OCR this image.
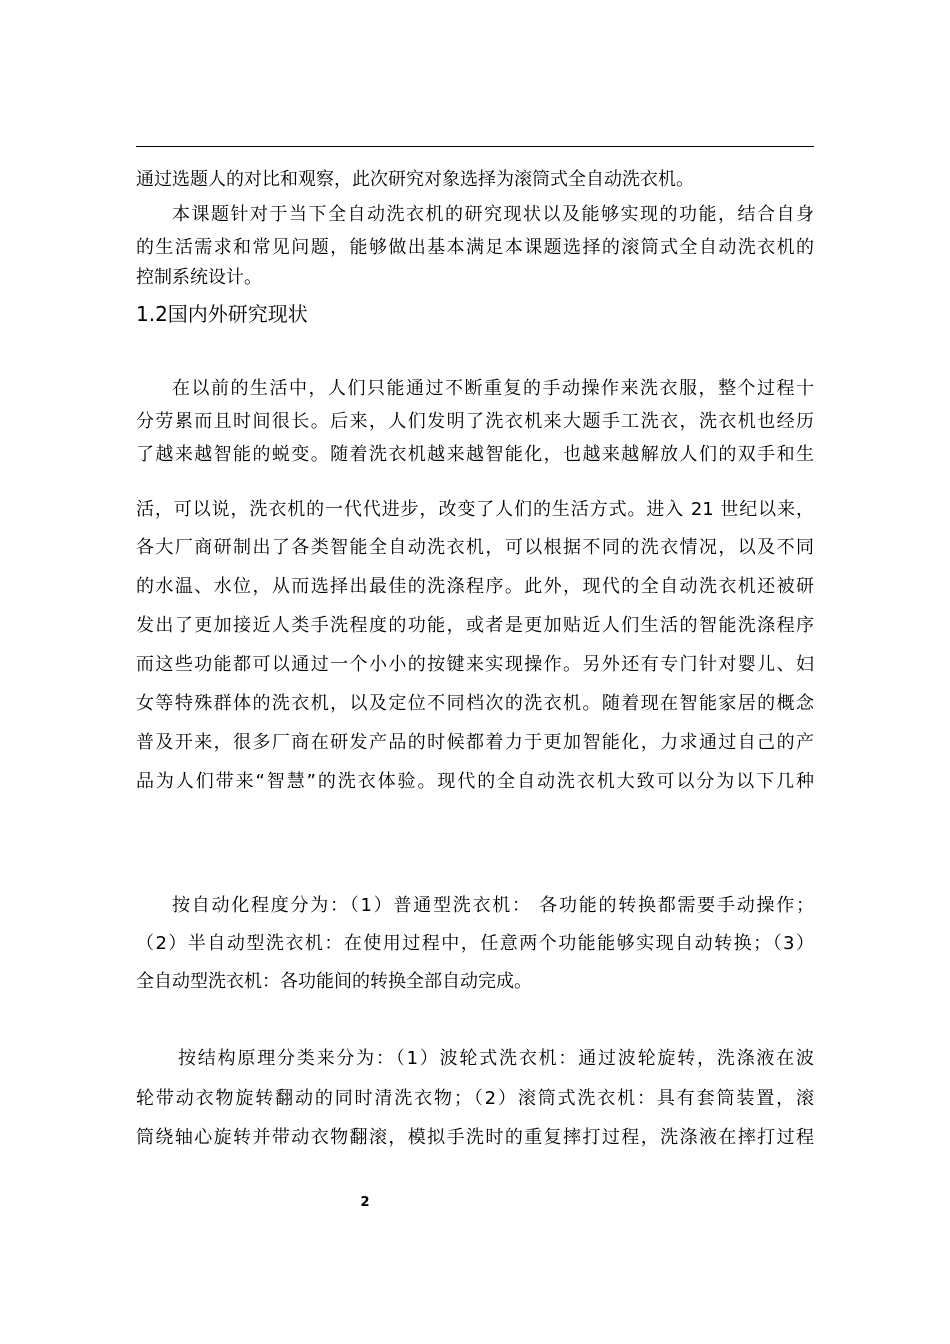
通过选题人的对比和观察，此次研究对象选择为滚筒式全自动洗衣机。
本课题针对于当下全自动洗衣机的研究现状以及能够实现的功能，结合自身
的生活需求和常见问题，能够做出基本满足本课题选择的滚筒式全自动洗衣机的
控制系统设计。
1.2国内外研究现状
在以前的生活中，人们只能通过不断重复的手动操作来洗衣服，整个过程十
分劳累而且时间很长。后来，人们发明了洗衣机来大题手工洗衣，洗衣机也经历
了越来越智能的蜕变。随着洗衣机越来越智能化，也越来越解放人们的双手和生
活，可以说，洗衣机的一代代进步，改变了人们的生活方式。进入 21 世纪以来，
各大厂商研制出了各类智能全自动洗衣机，可以根据不同的洗衣情况，以及不同
的水温、水位，从而选择出最佳的洗涤程序。此外，现代的全自动洗衣机还被研
发出了更加接近人类手洗程度的功能，或者是更加贴近人们生活的智能洗涤程序
而这些功能都可以通过一个小小的按键来实现操作。另外还有专门针对婴儿、妇
女等特殊群体的洗衣机，以及定位不同档次的洗衣机。随着现在智能家居的概念
普及开来，很多厂商在研发产品的时候都着力于更加智能化，力求通过自己的产
品为人们带来“智慧”的洗衣体验。现代的全自动洗衣机大致可以分为以下几种
按自动化程度分为：（1）普通型洗衣机： 各功能的转换都需要手动操作；
（2）半自动型洗衣机：在使用过程中，任意两个功能能够实现自动转换；（3）
全自动型洗衣机：各功能间的转换全部自动完成。
按结构原理分类来分为：（1）波轮式洗衣机：通过波轮旋转，洗涤液在波
轮带动衣物旋转翻动的同时清洗衣物；（2）滚筒式洗衣机：具有套筒装置，滚
筒绕轴心旋转并带动衣物翻滚，模拟手洗时的重复摔打过程，洗涤液在摔打过程
2
